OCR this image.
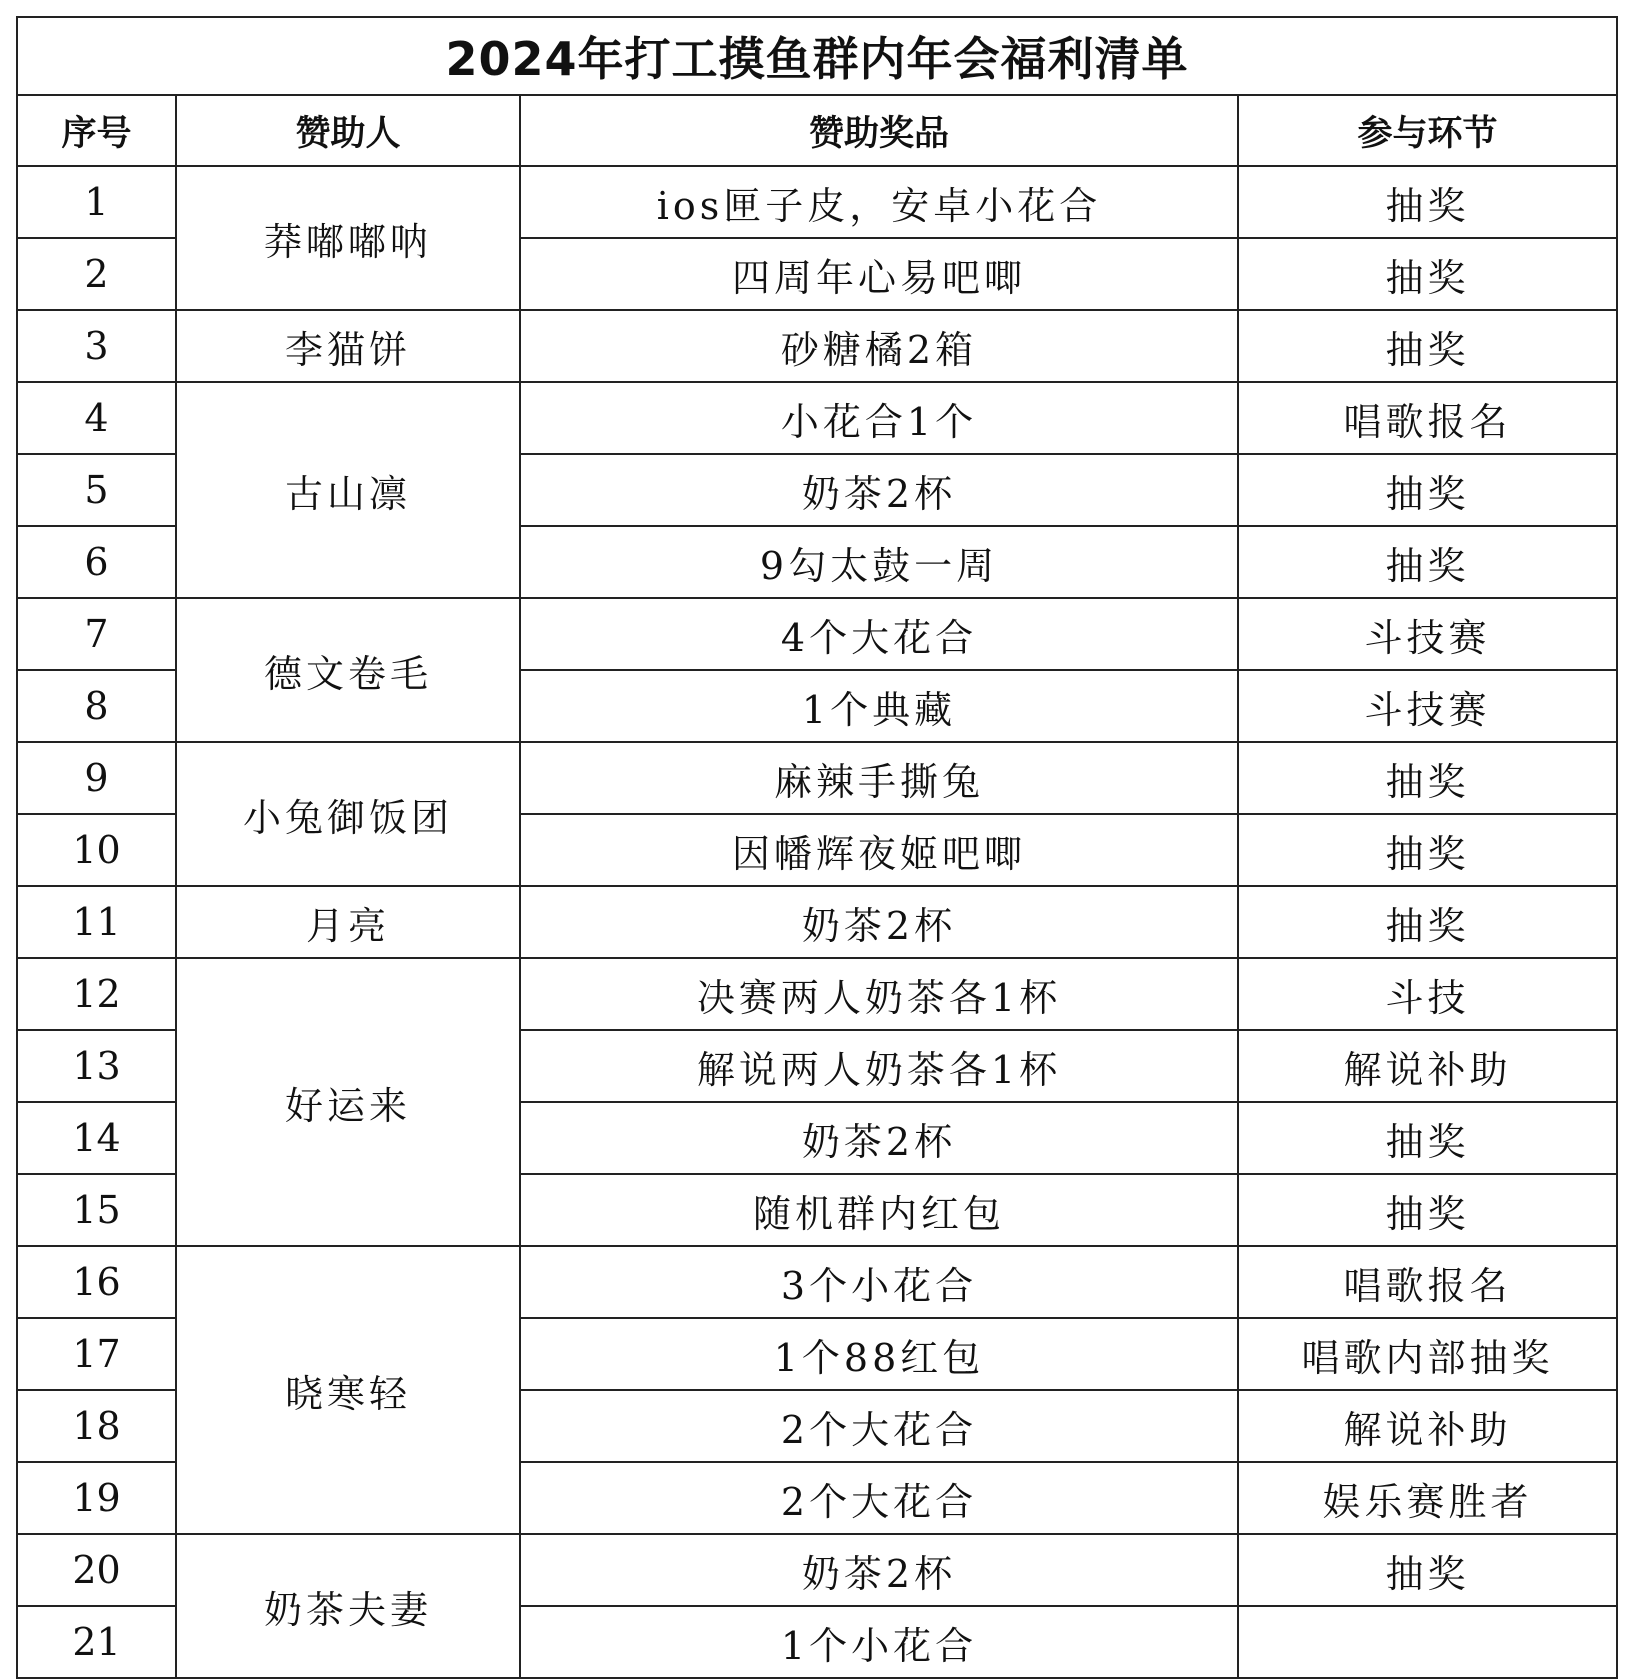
2024年打工摸鱼群内年会福利清单			
序号	赞助人	赞助奖品	参与环节
1	莽嘟嘟呐	ios匣子皮，安卓小花合	抽奖
2		四周年心易吧唧	抽奖
3	李猫饼	砂糖橘2箱	抽奖
4	古山凛	小花合1个	唱歌报名
5		奶茶2杯	抽奖
6		9勾太鼓一周	抽奖
7	德文卷毛	4个大花合	斗技赛
8		1个典藏	斗技赛
9	小兔御饭团	麻辣手撕兔	抽奖
10		因幡辉夜姬吧唧	抽奖
11	月亮	奶茶2杯	抽奖
12	好运来	决赛两人奶茶各1杯	斗技
13		解说两人奶茶各1杯	解说补助
14		奶茶2杯	抽奖
15		随机群内红包	抽奖
16	晓寒轻	3个小花合	唱歌报名
17		1个88红包	唱歌内部抽奖
18		2个大花合	解说补助
19		2个大花合	娱乐赛胜者
20	奶茶夫妻	奶茶2杯	抽奖
21		1个小花合	
